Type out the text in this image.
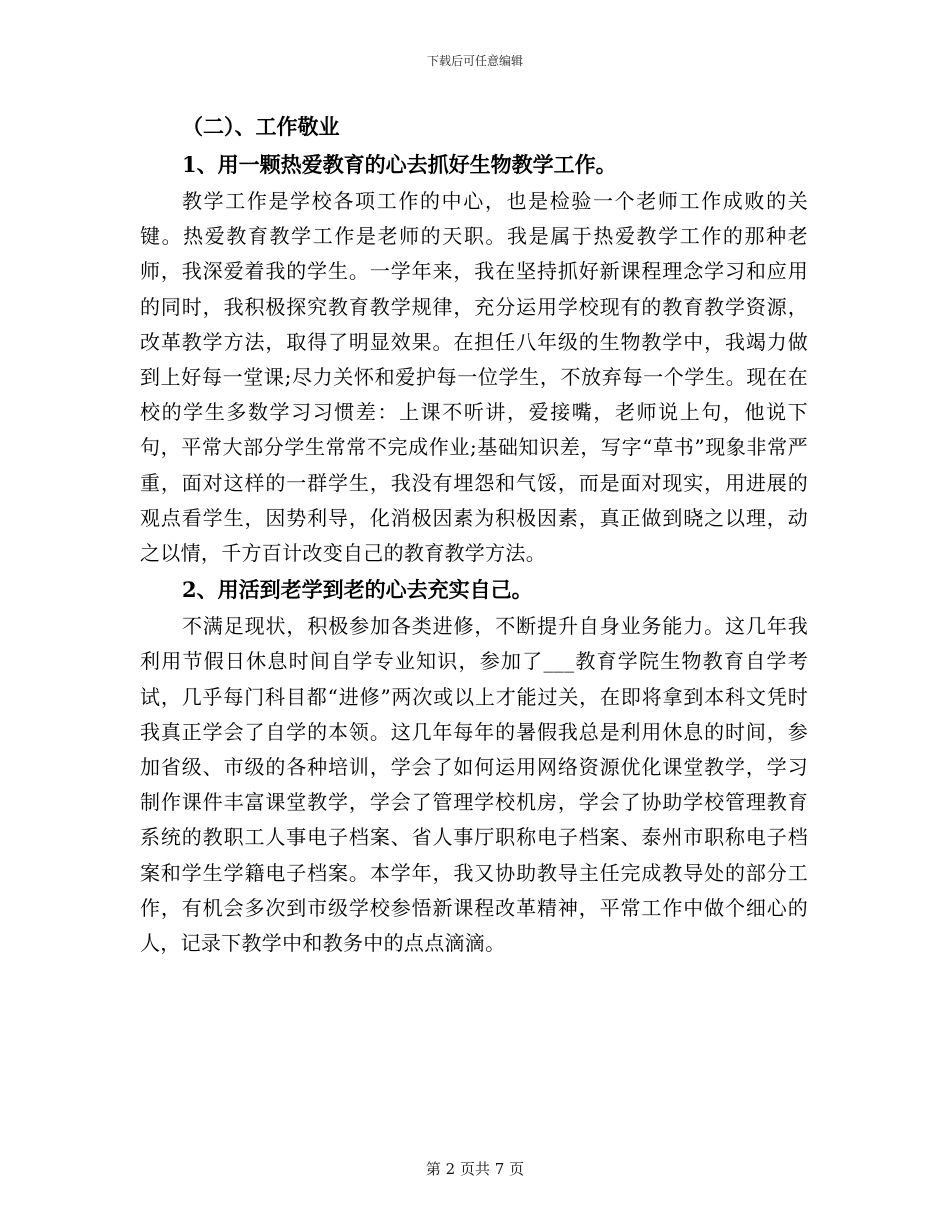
下载后可任意编辑

（二）、工作敬业

1、用一颗热爱教育的心去抓好生物教学工作。

教学工作是学校各项工作的中心，也是检验一个老师工作成败的关键。热爱教育教学工作是老师的天职。我是属于热爱教学工作的那种老师，我深爱着我的学生。一学年来，我在坚持抓好新课程理念学习和应用的同时，我积极探究教育教学规律，充分运用学校现有的教育教学资源，改革教学方法，取得了明显效果。在担任八年级的生物教学中，我竭力做到上好每一堂课;尽力关怀和爱护每一位学生，不放弃每一个学生。现在在校的学生多数学习习惯差：上课不听讲，爱接嘴，老师说上句，他说下句，平常大部分学生常常不完成作业;基础知识差，写字“草书”现象非常严重，面对这样的一群学生，我没有埋怨和气馁，而是面对现实，用进展的观点看学生，因势利导，化消极因素为积极因素，真正做到晓之以理，动之以情，千方百计改变自己的教育教学方法。

2、用活到老学到老的心去充实自己。

不满足现状，积极参加各类进修，不断提升自身业务能力。这几年我利用节假日休息时间自学专业知识，参加了___教育学院生物教育自学考试，几乎每门科目都“进修”两次或以上才能过关，在即将拿到本科文凭时我真正学会了自学的本领。这几年每年的暑假我总是利用休息的时间，参加省级、市级的各种培训，学会了如何运用网络资源优化课堂教学，学习制作课件丰富课堂教学，学会了管理学校机房，学会了协助学校管理教育系统的教职工人事电子档案、省人事厅职称电子档案、泰州市职称电子档案和学生学籍电子档案。本学年，我又协助教导主任完成教导处的部分工作，有机会多次到市级学校参悟新课程改革精神，平常工作中做个细心的人，记录下教学中和教务中的点点滴滴。

第 2 页共 7 页
